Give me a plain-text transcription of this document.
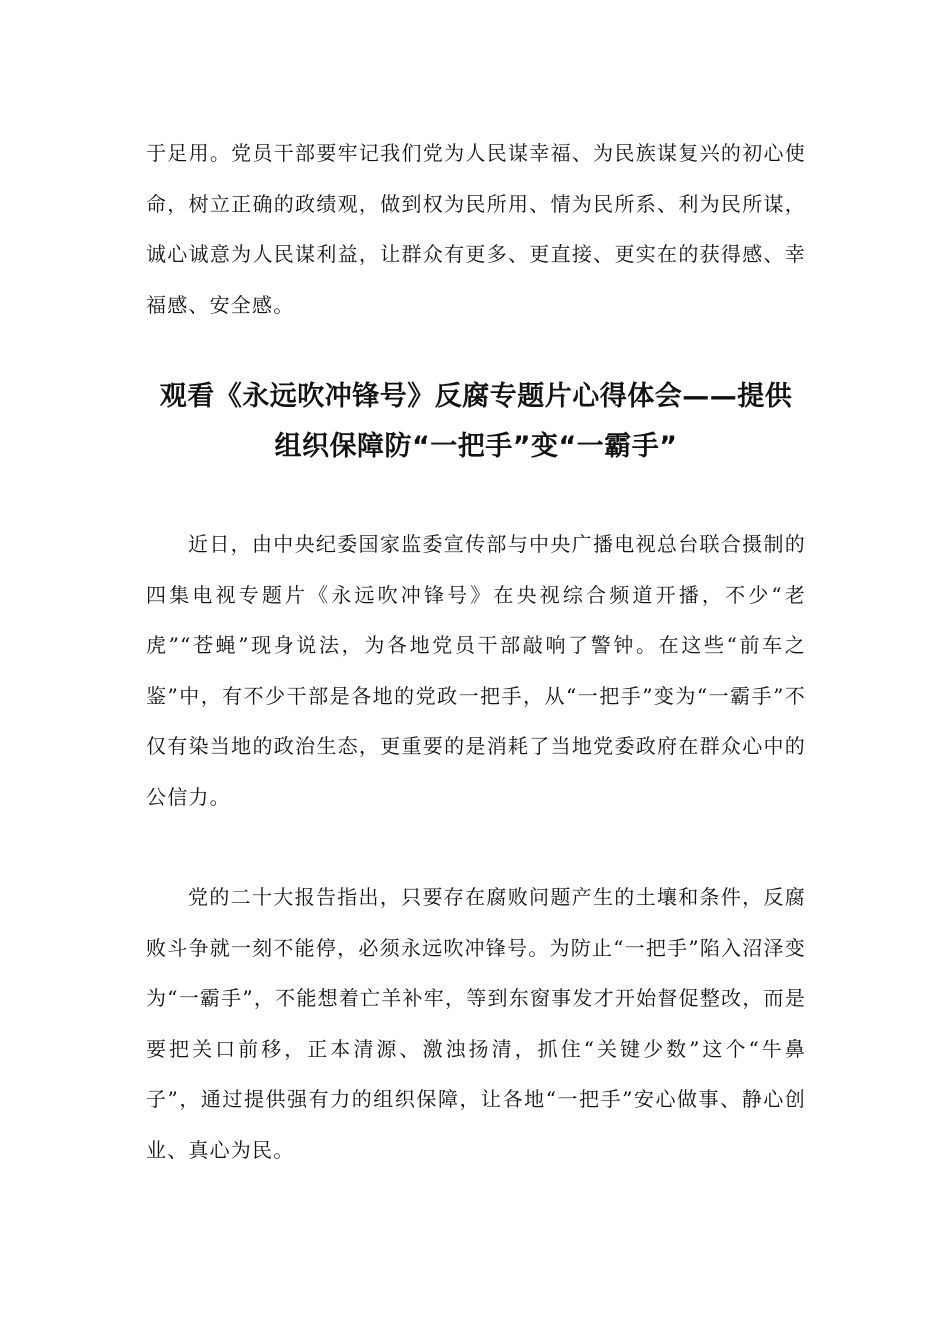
于足用。党员干部要牢记我们党为人民谋幸福、为民族谋复兴的初心使命，树立正确的政绩观，做到权为民所用、情为民所系、利为民所谋，诚心诚意为人民谋利益，让群众有更多、更直接、更实在的获得感、幸福感、安全感。

观看《永远吹冲锋号》反腐专题片心得体会——提供
组织保障防“一把手”变“一霸手”

近日，由中央纪委国家监委宣传部与中央广播电视总台联合摄制的四集电视专题片《永远吹冲锋号》在央视综合频道开播，不少“老虎”“苍蝇”现身说法，为各地党员干部敲响了警钟。在这些“前车之鉴”中，有不少干部是各地的党政一把手，从“一把手”变为“一霸手”不仅有染当地的政治生态，更重要的是消耗了当地党委政府在群众心中的公信力。

党的二十大报告指出，只要存在腐败问题产生的土壤和条件，反腐败斗争就一刻不能停，必须永远吹冲锋号。为防止“一把手”陷入沼泽变为“一霸手”，不能想着亡羊补牢，等到东窗事发才开始督促整改，而是要把关口前移，正本清源、激浊扬清，抓住“关键少数”这个“牛鼻子”，通过提供强有力的组织保障，让各地“一把手”安心做事、静心创业、真心为民。
